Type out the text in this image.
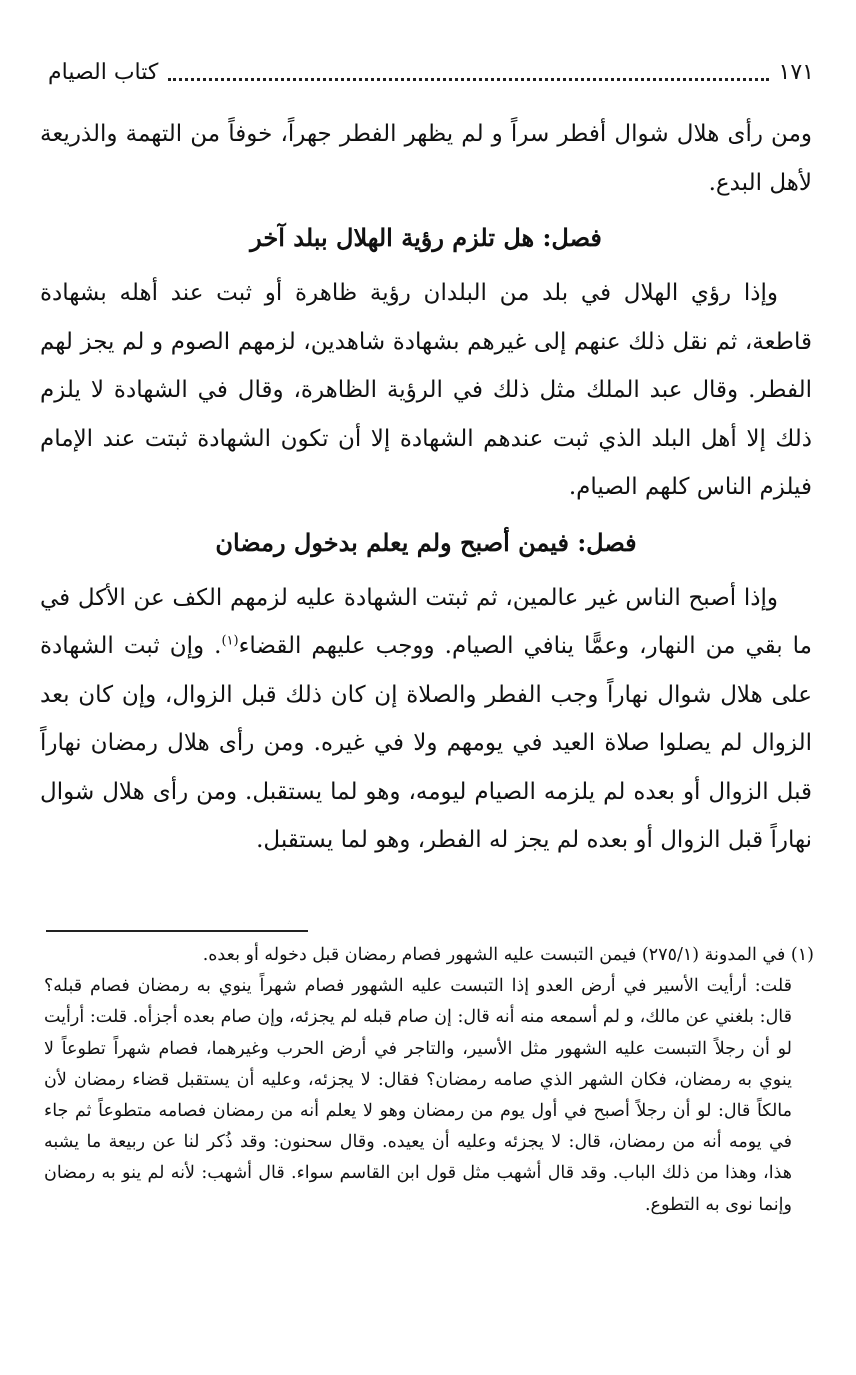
١٧١
كتاب الصيام

ومن رأى هلال شوال أفطر سراً و لم يظهر الفطر جهراً، خوفاً من التهمة والذريعة لأهل البدع.

فصل: هل تلزم رؤية الهلال ببلد آخر

وإذا رؤي الهلال في بلد من البلدان رؤية ظاهرة أو ثبت عند أهله بشهادة قاطعة، ثم نقل ذلك عنهم إلى غيرهم بشهادة شاهدين، لزمهم الصوم و لم يجز لهم الفطر. وقال عبد الملك مثل ذلك في الرؤية الظاهرة، وقال في الشهادة لا يلزم ذلك إلا أهل البلد الذي ثبت عندهم الشهادة إلا أن تكون الشهادة ثبتت عند الإمام فيلزم الناس كلهم الصيام.

فصل: فيمن أصبح ولم يعلم بدخول رمضان

وإذا أصبح الناس غير عالمين، ثم ثبتت الشهادة عليه لزمهم الكف عن الأكل في ما بقي من النهار، وعمًّا ينافي الصيام. ووجب عليهم القضاء$^{(١)}$. وإن ثبت الشهادة على هلال شوال نهاراً وجب الفطر والصلاة إن كان ذلك قبل الزوال، وإن كان بعد الزوال لم يصلوا صلاة العيد في يومهم ولا في غيره. ومن رأى هلال رمضان نهاراً قبل الزوال أو بعده لم يلزمه الصيام ليومه، وهو لما يستقبل. ومن رأى هلال شوال نهاراً قبل الزوال أو بعده لم يجز له الفطر، وهو لما يستقبل.

(١) في المدونة (٢٧٥/١) فيمن التبست عليه الشهور فصام رمضان قبل دخوله أو بعده.

قلت: أرأيت الأسير في أرض العدو إذا التبست عليه الشهور فصام شهراً ينوي به رمضان فصام قبله؟ قال: بلغني عن مالك، و لم أسمعه منه أنه قال: إن صام قبله لم يجزئه، وإن صام بعده أجزأه. قلت: أرأيت لو أن رجلاً التبست عليه الشهور مثل الأسير، والتاجر في أرض الحرب وغيرهما، فصام شهراً تطوعاً لا ينوي به رمضان، فكان الشهر الذي صامه رمضان؟ فقال: لا يجزئه، وعليه أن يستقبل قضاء رمضان لأن مالكاً قال: لو أن رجلاً أصبح في أول يوم من رمضان وهو لا يعلم أنه من رمضان فصامه متطوعاً ثم جاء في يومه أنه من رمضان، قال: لا يجزئه وعليه أن يعيده. وقال سحنون: وقد ذُكر لنا عن ربيعة ما يشبه هذا، وهذا من ذلك الباب. وقد قال أشهب مثل قول ابن القاسم سواء. قال أشهب: لأنه لم ينو به رمضان وإنما نوى به التطوع.
